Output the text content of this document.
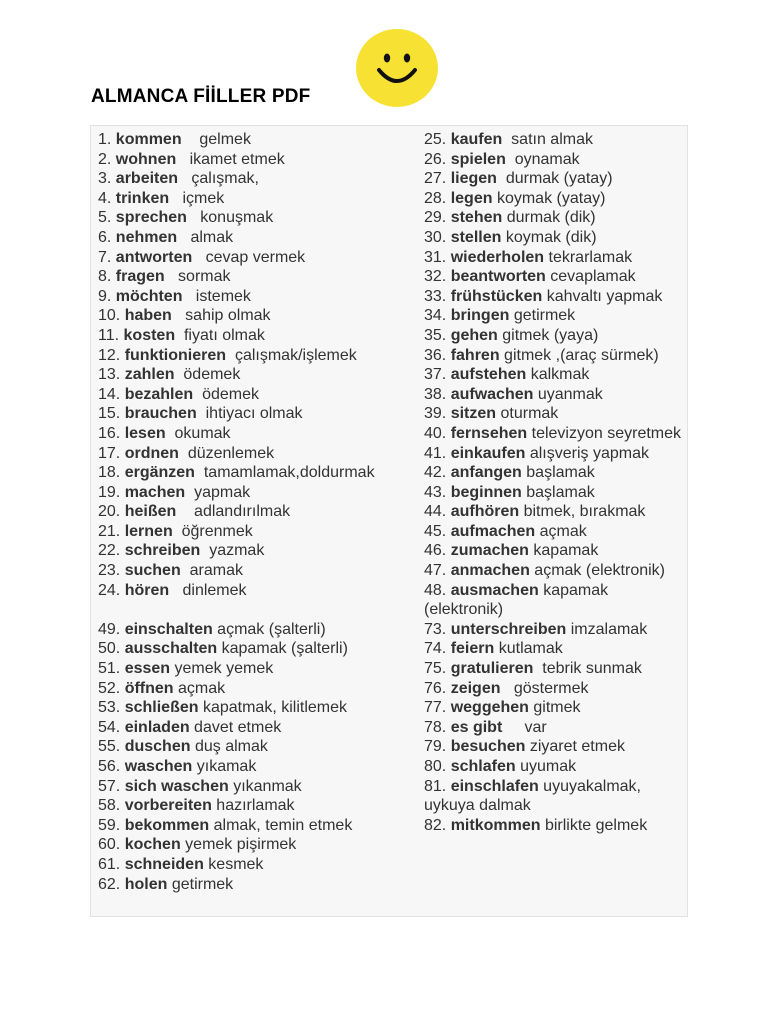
ALMANCA FİİLLER PDF
1. kommen    gelmek
2. wohnen   ikamet etmek
3. arbeiten   çalışmak,
4. trinken   içmek
5. sprechen   konuşmak
6. nehmen   almak
7. antworten   cevap vermek
8. fragen   sormak
9. möchten   istemek
10. haben   sahip olmak
11. kosten  fiyatı olmak
12. funktionieren  çalışmak/işlemek
13. zahlen  ödemek
14. bezahlen  ödemek
15. brauchen  ihtiyacı olmak
16. lesen  okumak
17. ordnen  düzenlemek
18. ergänzen  tamamlamak,doldurmak
19. machen  yapmak
20. heißen    adlandırılmak
21. lernen  öğrenmek
22. schreiben  yazmak
23. suchen  aramak
24. hören   dinlemek
49. einschalten açmak (şalterli)
50. ausschalten kapamak (şalterli)
51. essen yemek yemek
52. öffnen açmak
53. schließen kapatmak, kilitlemek
54. einladen davet etmek
55. duschen duş almak
56. waschen yıkamak
57. sich waschen yıkanmak
58. vorbereiten hazırlamak
59. bekommen almak, temin etmek
60. kochen yemek pişirmek
61. schneiden kesmek
62. holen getirmek
25. kaufen  satın almak
26. spielen  oynamak
27. liegen  durmak (yatay)
28. legen koymak (yatay)
29. stehen durmak (dik)
30. stellen koymak (dik)
31. wiederholen tekrarlamak
32. beantworten cevaplamak
33. frühstücken kahvaltı yapmak
34. bringen getirmek
35. gehen gitmek (yaya)
36. fahren gitmek ,(araç sürmek)
37. aufstehen kalkmak
38. aufwachen uyanmak
39. sitzen oturmak
40. fernsehen televizyon seyretmek
41. einkaufen alışveriş yapmak
42. anfangen başlamak
43. beginnen başlamak
44. aufhören bitmek, bırakmak
45. aufmachen açmak
46. zumachen kapamak
47. anmachen açmak (elektronik)
48. ausmachen kapamak (elektronik)
73. unterschreiben imzalamak
74. feiern kutlamak
75. gratulieren  tebrik sunmak
76. zeigen   göstermek
77. weggehen gitmek
78. es gibt     var
79. besuchen ziyaret etmek
80. schlafen uyumak
81. einschlafen uyuyakalmak, uykuya dalmak
82. mitkommen birlikte gelmek
